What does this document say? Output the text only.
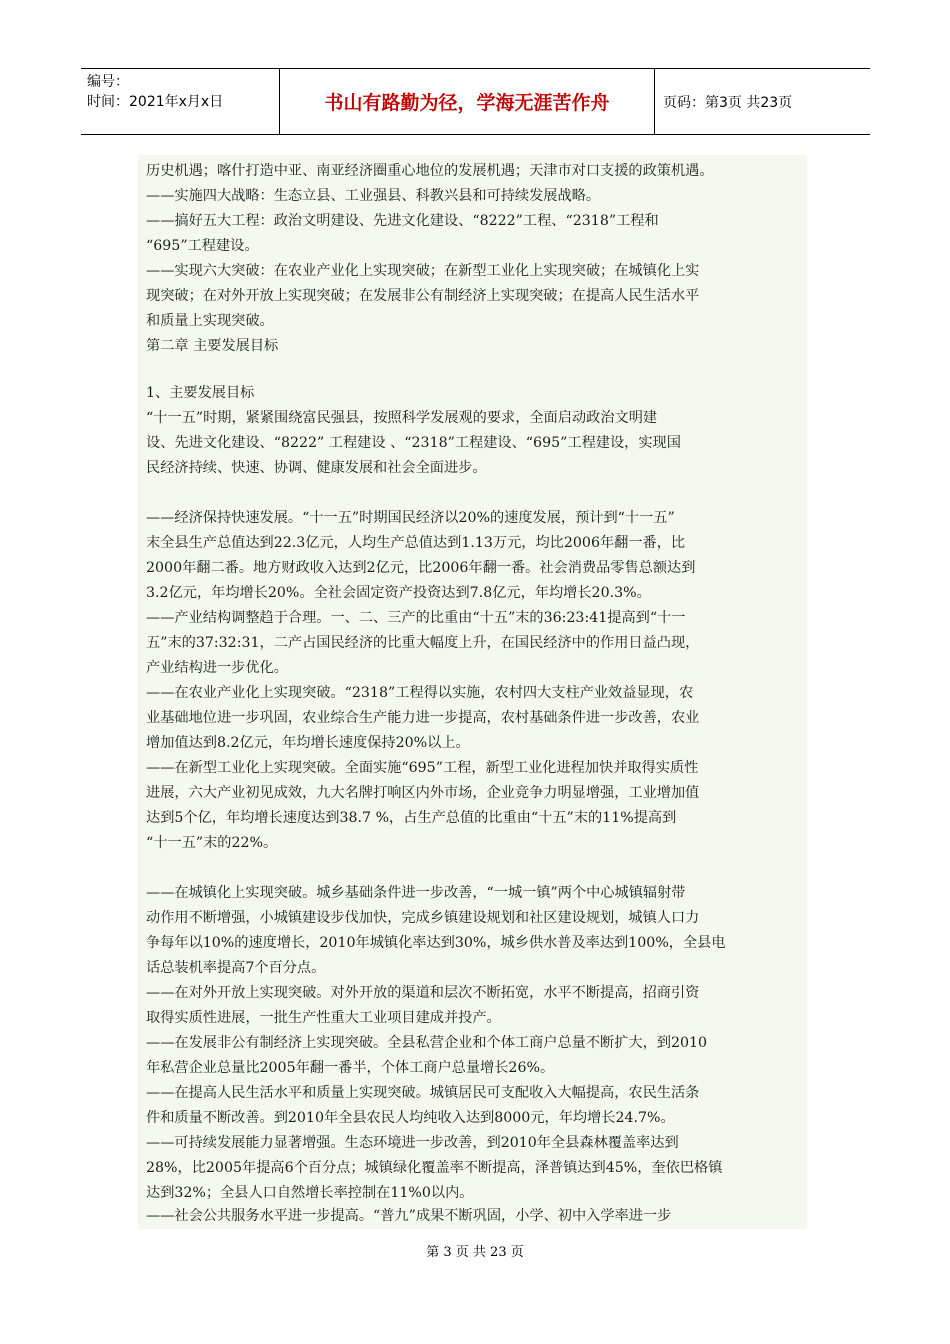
编号：
时间：2021年x月x日	书山有路勤为径，学海无涯苦作舟	页码：第3页 共23页
历史机遇；喀什打造中亚、南亚经济圈重心地位的发展机遇；天津市对口支援的政策机遇。
——实施四大战略：生态立县、工业强县、科教兴县和可持续发展战略。
——搞好五大工程：政治文明建设、先进文化建设、“8222”工程、“2318”工程和
“695”工程建设。
——实现六大突破：在农业产业化上实现突破；在新型工业化上实现突破；在城镇化上实
现突破；在对外开放上实现突破；在发展非公有制经济上实现突破；在提高人民生活水平
和质量上实现突破。
第二章 主要发展目标
1、主要发展目标
“十一五”时期，紧紧围绕富民强县，按照科学发展观的要求，全面启动政治文明建
设、先进文化建设、“8222” 工程建设 、“2318”工程建设、“695”工程建设，实现国
民经济持续、快速、协调、健康发展和社会全面进步。
——经济保持快速发展。“十一五”时期国民经济以20%的速度发展，预计到“十一五”
末全县生产总值达到22.3亿元，人均生产总值达到1.13万元，均比2006年翻一番，比
2000年翻二番。地方财政收入达到2亿元，比2006年翻一番。社会消费品零售总额达到
3.2亿元，年均增长20%。全社会固定资产投资达到7.8亿元，年均增长20.3%。
——产业结构调整趋于合理。一、二、三产的比重由“十五”末的36:23:41提高到“十一
五”末的37:32:31，二产占国民经济的比重大幅度上升，在国民经济中的作用日益凸现，
产业结构进一步优化。
——在农业产业化上实现突破。“2318”工程得以实施，农村四大支柱产业效益显现，农
业基础地位进一步巩固，农业综合生产能力进一步提高，农村基础条件进一步改善，农业
增加值达到8.2亿元，年均增长速度保持20%以上。
——在新型工业化上实现突破。全面实施“695”工程，新型工业化进程加快并取得实质性
进展，六大产业初见成效，九大名牌打响区内外市场，企业竞争力明显增强，工业增加值
达到5个亿，年均增长速度达到38.7 %，占生产总值的比重由“十五”末的11%提高到
“十一五”末的22%。
——在城镇化上实现突破。城乡基础条件进一步改善，“一城一镇”两个中心城镇辐射带
动作用不断增强，小城镇建设步伐加快，完成乡镇建设规划和社区建设规划，城镇人口力
争每年以10%的速度增长，2010年城镇化率达到30%，城乡供水普及率达到100%，全县电
话总装机率提高7个百分点。
——在对外开放上实现突破。对外开放的渠道和层次不断拓宽，水平不断提高，招商引资
取得实质性进展，一批生产性重大工业项目建成并投产。
——在发展非公有制经济上实现突破。全县私营企业和个体工商户总量不断扩大，到2010
年私营企业总量比2005年翻一番半，个体工商户总量增长26%。
——在提高人民生活水平和质量上实现突破。城镇居民可支配收入大幅提高，农民生活条
件和质量不断改善。到2010年全县农民人均纯收入达到8000元，年均增长24.7%。
——可持续发展能力显著增强。生态环境进一步改善，到2010年全县森林覆盖率达到
28%，比2005年提高6个百分点；城镇绿化覆盖率不断提高，泽普镇达到45%，奎依巴格镇
达到32%；全县人口自然增长率控制在11%0以内。
——社会公共服务水平进一步提高。“普九”成果不断巩固，小学、初中入学率进一步
第 3 页 共 23 页
